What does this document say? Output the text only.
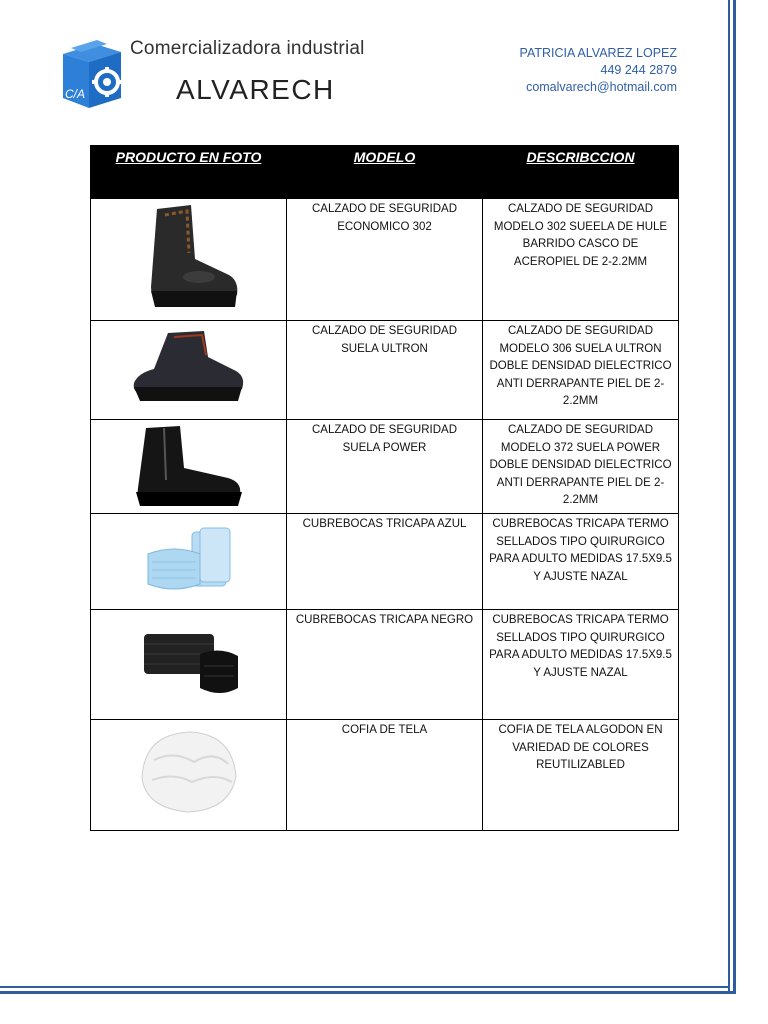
C/A
Comercializadora industrial
ALVARECH
PATRICIA ALVAREZ LOPEZ
449 244 2879
comalvarech@hotmail.com
PRODUCTO EN FOTO	MODELO	DESCRIBCCION

	CALZADO DE SEGURIDAD ECONOMICO 302	CALZADO DE SEGURIDAD MODELO 302 SUEELA DE HULE BARRIDO CASCO DE ACEROPIEL DE 2-2.2MM

	CALZADO DE SEGURIDAD SUELA ULTRON	CALZADO DE SEGURIDAD MODELO 306 SUELA ULTRON DOBLE DENSIDAD DIELECTRICO ANTI DERRAPANTE PIEL DE 2-2.2MM

	CALZADO DE SEGURIDAD SUELA POWER	CALZADO DE SEGURIDAD MODELO 372 SUELA POWER DOBLE DENSIDAD DIELECTRICO ANTI DERRAPANTE PIEL DE 2-2.2MM

	CUBREBOCAS TRICAPA AZUL	CUBREBOCAS TRICAPA TERMO SELLADOS TIPO QUIRURGICO PARA ADULTO MEDIDAS 17.5X9.5 Y AJUSTE NAZAL

	CUBREBOCAS TRICAPA NEGRO	CUBREBOCAS TRICAPA TERMO SELLADOS TIPO QUIRURGICO PARA ADULTO MEDIDAS 17.5X9.5 Y AJUSTE NAZAL

	COFIA DE TELA	COFIA DE TELA ALGODON EN VARIEDAD DE COLORES REUTILIZABLED
